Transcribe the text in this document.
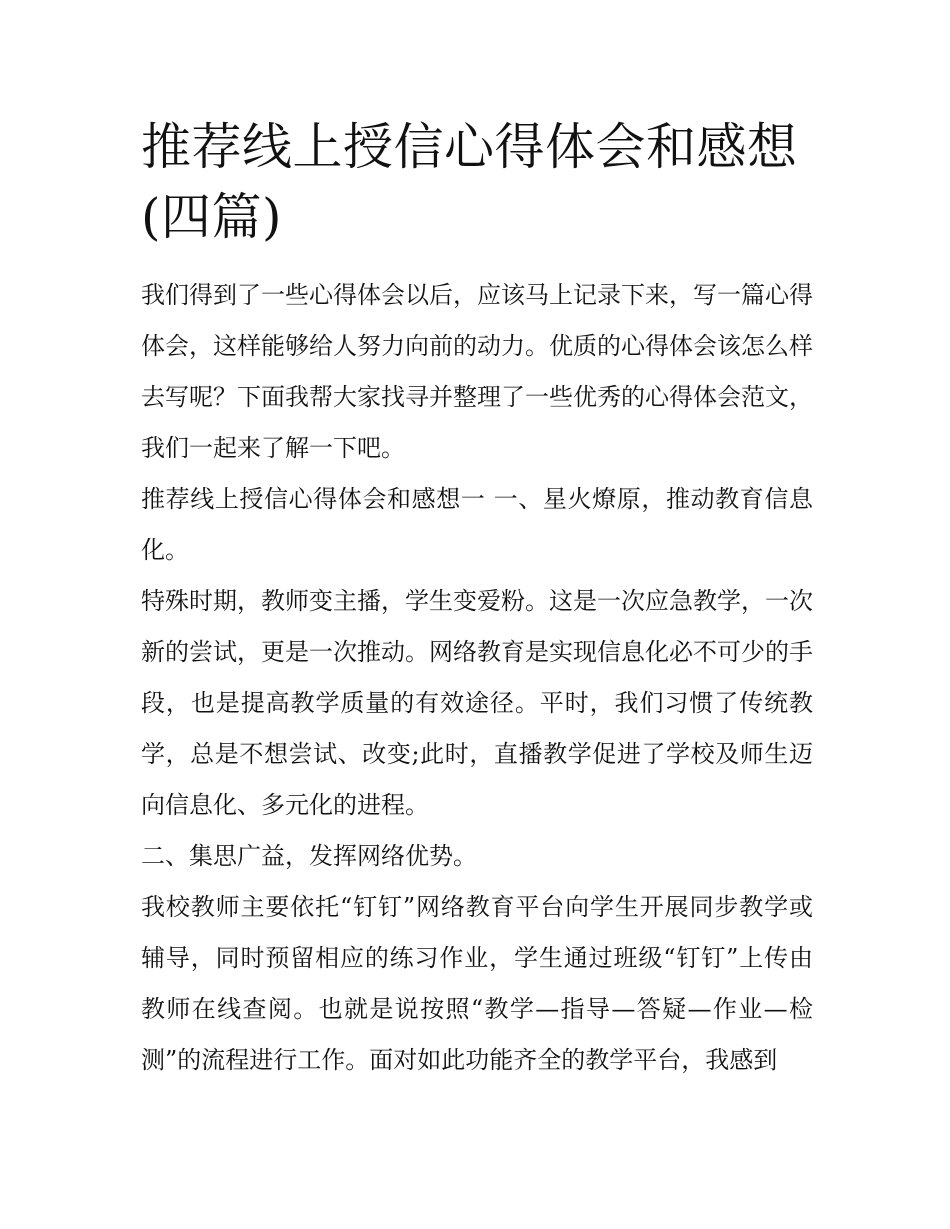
推荐线上授信心得体会和感想(四篇)

我们得到了一些心得体会以后，应该马上记录下来，写一篇心得体会，这样能够给人努力向前的动力。优质的心得体会该怎么样去写呢？下面我帮大家找寻并整理了一些优秀的心得体会范文，我们一起来了解一下吧。

推荐线上授信心得体会和感想一 一、星火燎原，推动教育信息化。

特殊时期，教师变主播，学生变爱粉。这是一次应急教学，一次新的尝试，更是一次推动。网络教育是实现信息化必不可少的手段，也是提高教学质量的有效途径。平时，我们习惯了传统教学，总是不想尝试、改变;此时，直播教学促进了学校及师生迈向信息化、多元化的进程。

二、集思广益，发挥网络优势。

我校教师主要依托“钉钉”网络教育平台向学生开展同步教学或辅导，同时预留相应的练习作业，学生通过班级“钉钉”上传由教师在线查阅。也就是说按照“教学—指导—答疑—作业—检测”的流程进行工作。面对如此功能齐全的教学平台，我感到
